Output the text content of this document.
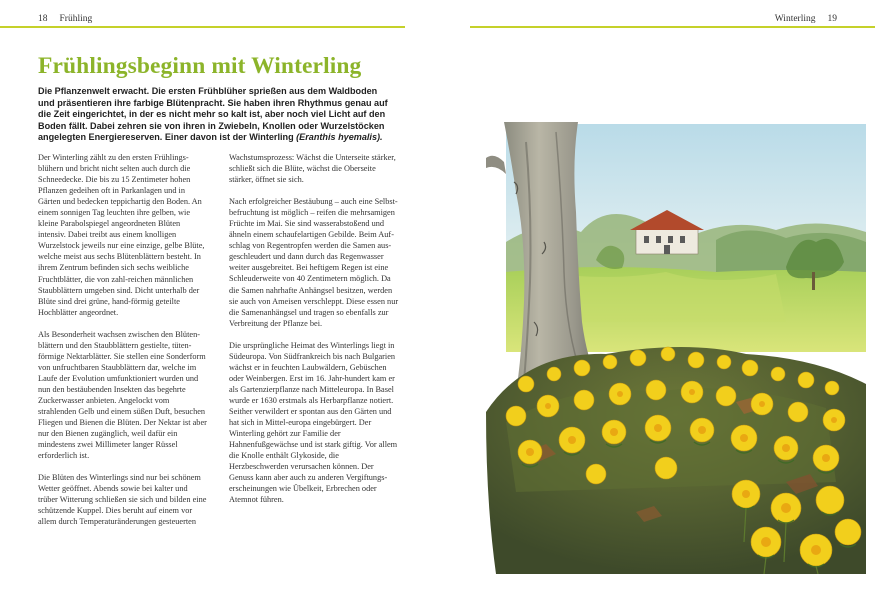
18 Frühling	Winterling 19
Frühlingsbeginn mit Winterling

Die Pflanzenwelt erwacht. Die ersten Frühblüher sprießen aus dem Waldboden und präsentieren ihre farbige Blütenpracht. Sie haben ihren Rhythmus genau auf die Zeit eingerichtet, in der es nicht mehr so kalt ist, aber noch viel Licht auf den Boden fällt. Dabei zehren sie von ihren in Zwiebeln, Knollen oder Wurzelstöcken angelegten Energiereserven. Einer davon ist der Winterling (Eranthis hyemalis).

Der Winterling zählt zu den ersten Frühlings-blühern und bricht nicht selten auch durch die Schneedecke. Die bis zu 15 Zentimeter hohen Pflanzen gedeihen oft in Parkanlagen und in Gärten und bedecken teppichartig den Boden. An einem sonnigen Tag leuchten ihre gelben, wie kleine Parabolspiegel angeordneten Blüten intensiv. Dabei treibt aus einem knolligen Wurzelstock jeweils nur eine einzige, gelbe Blüte, welche meist aus sechs Blütenblättern besteht. In ihrem Zentrum befinden sich sechs weibliche Fruchtblätter, die von zahl-reichen männlichen Staubblättern umgeben sind. Dicht unterhalb der Blüte sind drei grüne, hand-förmig geteilte Hochblätter angeordnet.

Als Besonderheit wachsen zwischen den Blüten-blättern und den Staubblättern gestielte, tüten-förmige Nektarblätter. Sie stellen eine Sonderform von unfruchtbaren Staubblättern dar, welche im Laufe der Evolution umfunktioniert wurden und nun den bestäubenden Insekten das begehrte Zuckerwasser anbieten. Angelockt vom strahlenden Gelb und einem süßen Duft, besuchen Fliegen und Bienen die Blüten. Der Nektar ist aber nur den Bienen zugänglich, weil dafür ein mindestens zwei Millimeter langer Rüssel erforderlich ist.

Die Blüten des Winterlings sind nur bei schönem Wetter geöffnet. Abends sowie bei kalter und trüber Witterung schließen sie sich und bilden eine schützende Kuppel. Dies beruht auf einem vor allem durch Temperaturänderungen gesteuerten

Wachstumsprozess: Wächst die Unterseite stärker, schließt sich die Blüte, wächst die Oberseite stärker, öffnet sie sich.

Nach erfolgreicher Bestäubung – auch eine Selbst-befruchtung ist möglich – reifen die mehrsamigen Früchte im Mai. Sie sind wasserabstoßend und ähneln einem schaufelartigen Gebilde. Beim Auf-schlag von Regentropfen werden die Samen aus-geschleudert und dann durch das Regenwasser weiter ausgebreitet. Bei heftigem Regen ist eine Schleuderweite von 40 Zentimetern möglich. Da die Samen nahrhafte Anhängsel besitzen, werden sie auch von Ameisen verschleppt. Diese essen nur die Samenanhängsel und tragen so ebenfalls zur Verbreitung der Pflanze bei.

Die ursprüngliche Heimat des Winterlings liegt in Südeuropa. Von Südfrankreich bis nach Bulgarien wächst er in feuchten Laubwäldern, Gebüschen oder Weinbergen. Erst im 16. Jahr-hundert kam er als Gartenzierpflanze nach Mitteleuropa. In Basel wurde er 1630 erstmals als Herbarpflanze notiert. Seither verwildert er spontan aus den Gärten und hat sich in Mittel-europa eingebürgert. Der Winterling gehört zur Familie der Hahnenfußgewächse und ist stark giftig. Vor allem die Knolle enthält Glykoside, die Herzbeschwerden verursachen können. Der Genuss kann aber auch zu anderen Vergiftungs-erscheinungen wie Übelkeit, Erbrechen oder Atemnot führen.
